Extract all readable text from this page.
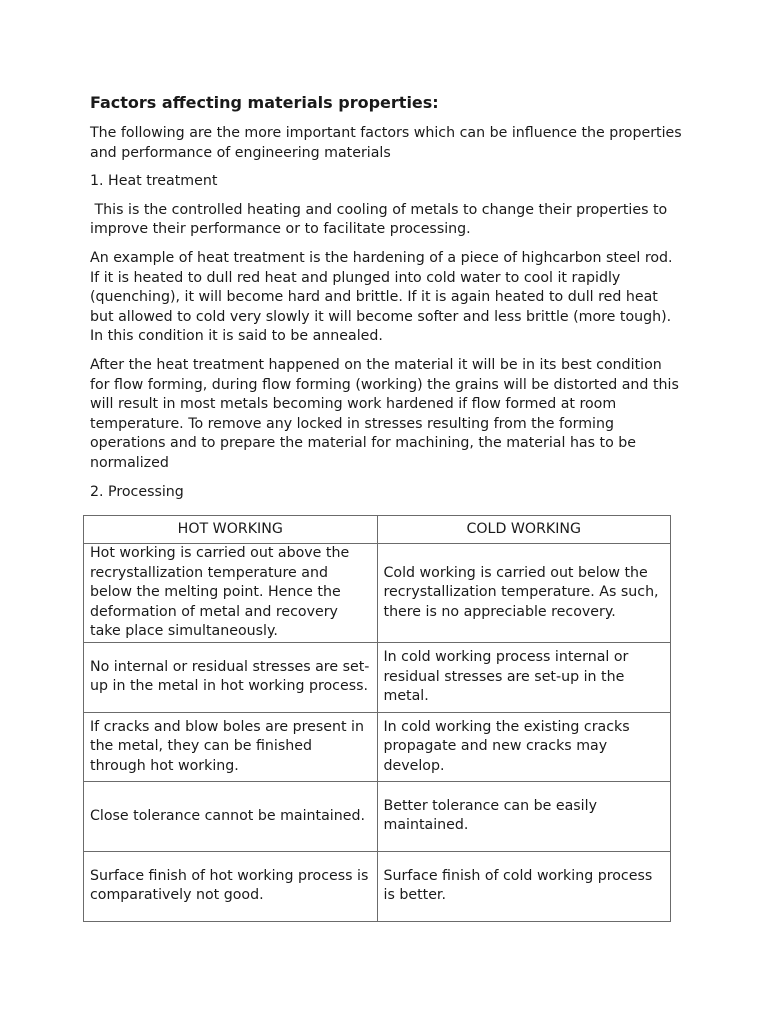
Factors affecting materials properties:

The following are the more important factors which can be influence the properties and performance of engineering materials

1. Heat treatment

This is the controlled heating and cooling of metals to change their properties to improve their performance or to facilitate processing.

An example of heat treatment is the hardening of a piece of highcarbon steel rod. If it is heated to dull red heat and plunged into cold water to cool it rapidly (quenching), it will become hard and brittle. If it is again heated to dull red heat but allowed to cold very slowly it will become softer and less brittle (more tough). In this condition it is said to be annealed.

After the heat treatment happened on the material it will be in its best condition for flow forming, during flow forming (working) the grains will be distorted and this will result in most metals becoming work hardened if flow formed at room temperature. To remove any locked in stresses resulting from the forming operations and to prepare the material for machining, the material has to be normalized

2. Processing

HOT WORKING	COLD WORKING
Hot working is carried out above the recrystallization temperature and below the melting point. Hence the deformation of metal and recovery take place simultaneously.	Cold working is carried out below the recrystallization temperature. As such, there is no appreciable recovery.
No internal or residual stresses are set-up in the metal in hot working process.	In cold working process internal or residual stresses are set-up in the metal.
If cracks and blow boles are present in the metal, they can be finished through hot working.	In cold working the existing cracks propagate and new cracks may develop.
Close tolerance cannot be maintained.	Better tolerance can be easily maintained.
Surface finish of hot working process is comparatively not good.	Surface finish of cold working process is better.
